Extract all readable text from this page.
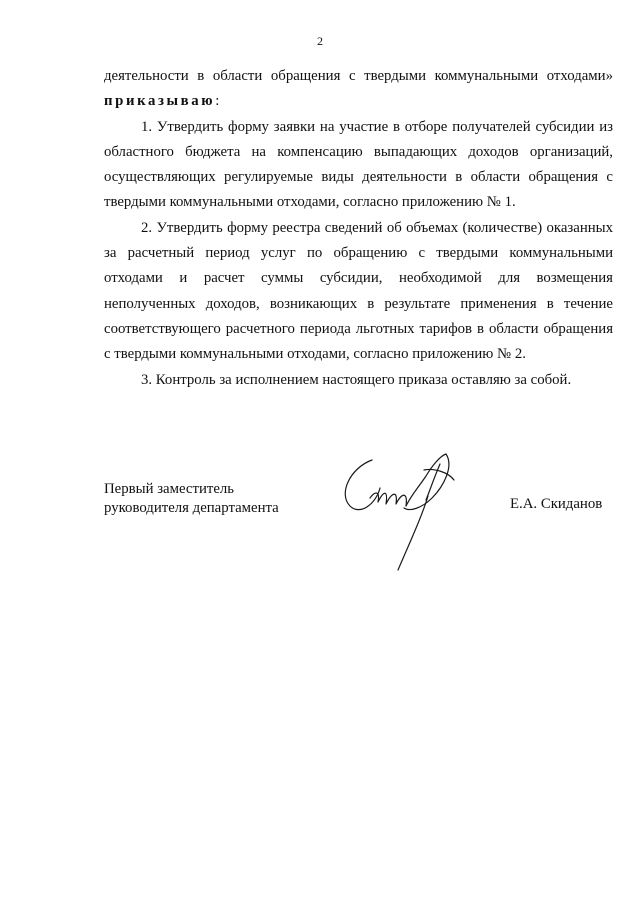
2

деятельности в области обращения с твердыми коммунальными отходами»

приказываю:

1. Утвердить форму заявки на участие в отборе получателей субсидии из областного бюджета на компенсацию выпадающих доходов организаций, осуществляющих регулируемые виды деятельности в области обращения с твердыми коммунальными отходами, согласно приложению № 1.

2. Утвердить форму реестра сведений об объемах (количестве) оказанных за расчетный период услуг по обращению с твердыми коммунальными отходами и расчет суммы субсидии, необходимой для возмещения неполученных доходов, возникающих в результате применения в течение соответствующего расчетного периода льготных тарифов в области обращения с твердыми коммунальными отходами, согласно приложению № 2.

3. Контроль за исполнением настоящего приказа оставляю за собой.

Первый заместитель
руководителя департамента	Е.А. Скиданов
